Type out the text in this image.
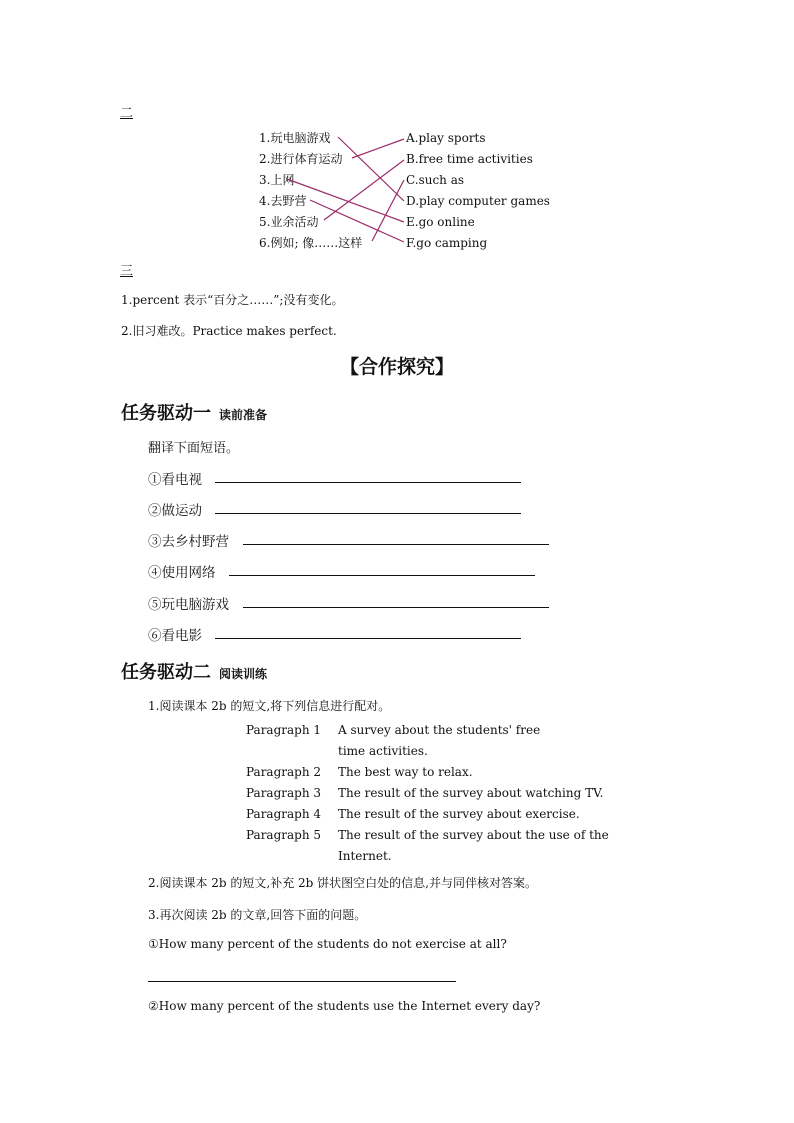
二
1.玩电脑游戏
2.进行体育运动
3.上网
4.去野营
5.业余活动
6.例如; 像……这样
A.play sports
B.free time activities
C.such as
D.play computer games
E.go online
F.go camping
三
1.percent 表示“百分之……”;没有变化。
2.旧习难改。Practice makes perfect.
【合作探究】
任务驱动一 读前准备
翻译下面短语。
①看电视
②做运动
③去乡村野营
④使用网络
⑤玩电脑游戏
⑥看电影
任务驱动二 阅读训练
1.阅读课本 2b 的短文,将下列信息进行配对。
Paragraph 1 A survey about the students' free
time activities.
Paragraph 2 The best way to relax.
Paragraph 3 The result of the survey about watching TV.
Paragraph 4 The result of the survey about exercise.
Paragraph 5 The result of the survey about the use of the
Internet.
2.阅读课本 2b 的短文,补充 2b 饼状图空白处的信息,并与同伴核对答案。
3.再次阅读 2b 的文章,回答下面的问题。
①How many percent of the students do not exercise at all?
②How many percent of the students use the Internet every day?
